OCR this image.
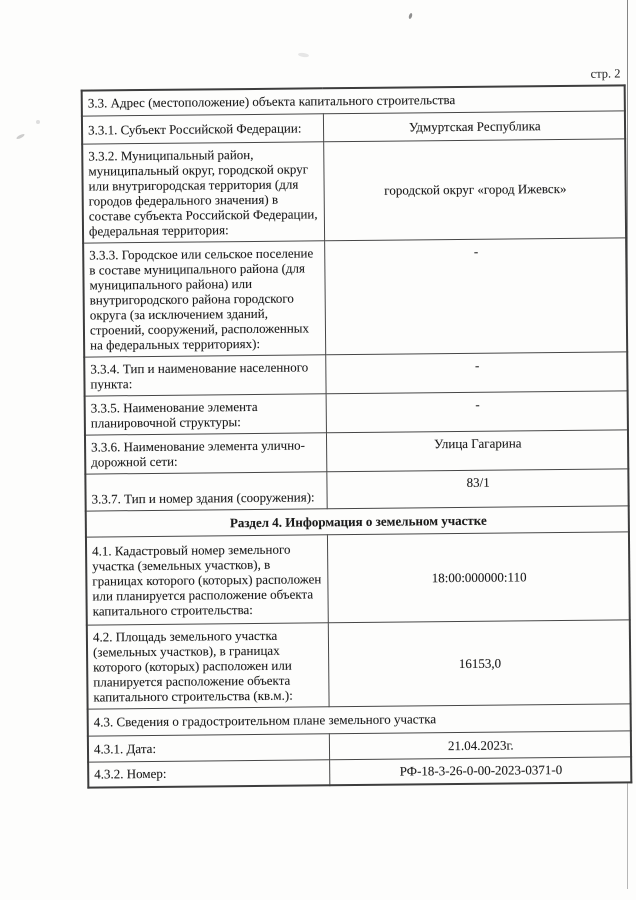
стр. 2
3.3. Адрес (местоположение) объекта капитального строительства	
3.3.1. Субъект Российской Федерации:	Удмуртская Республика
3.3.2. Муниципальный район, муниципальный округ, городской округ или внутригородская территория (для городов федерального значения) в составе субъекта Российской Федерации, федеральная территория:	городской округ «город Ижевск»
3.3.3. Городское или сельское поселение в составе муниципального района (для муниципального района) или внутригородского района городского округа (за исключением зданий, строений, сооружений, расположенных на федеральных территориях):	-
3.3.4. Тип и наименование населенного пункта:	-
3.3.5. Наименование элемента планировочной структуры:	-
3.3.6. Наименование элемента улично-дорожной сети:	Улица Гагарина
3.3.7. Тип и номер здания (сооружения):	83/1
Раздел 4. Информация о земельном участке	
4.1. Кадастровый номер земельного участка (земельных участков), в границах которого (которых) расположен или планируется расположение объекта капитального строительства:	18:00:000000:110
4.2. Площадь земельного участка (земельных участков), в границах которого (которых) расположен или планируется расположение объекта капитального строительства (кв.м.):	16153,0
4.3. Сведения о градостроительном плане земельного участка	
4.3.1. Дата:	21.04.2023г.
4.3.2. Номер:	РФ-18-3-26-0-00-2023-0371-0
